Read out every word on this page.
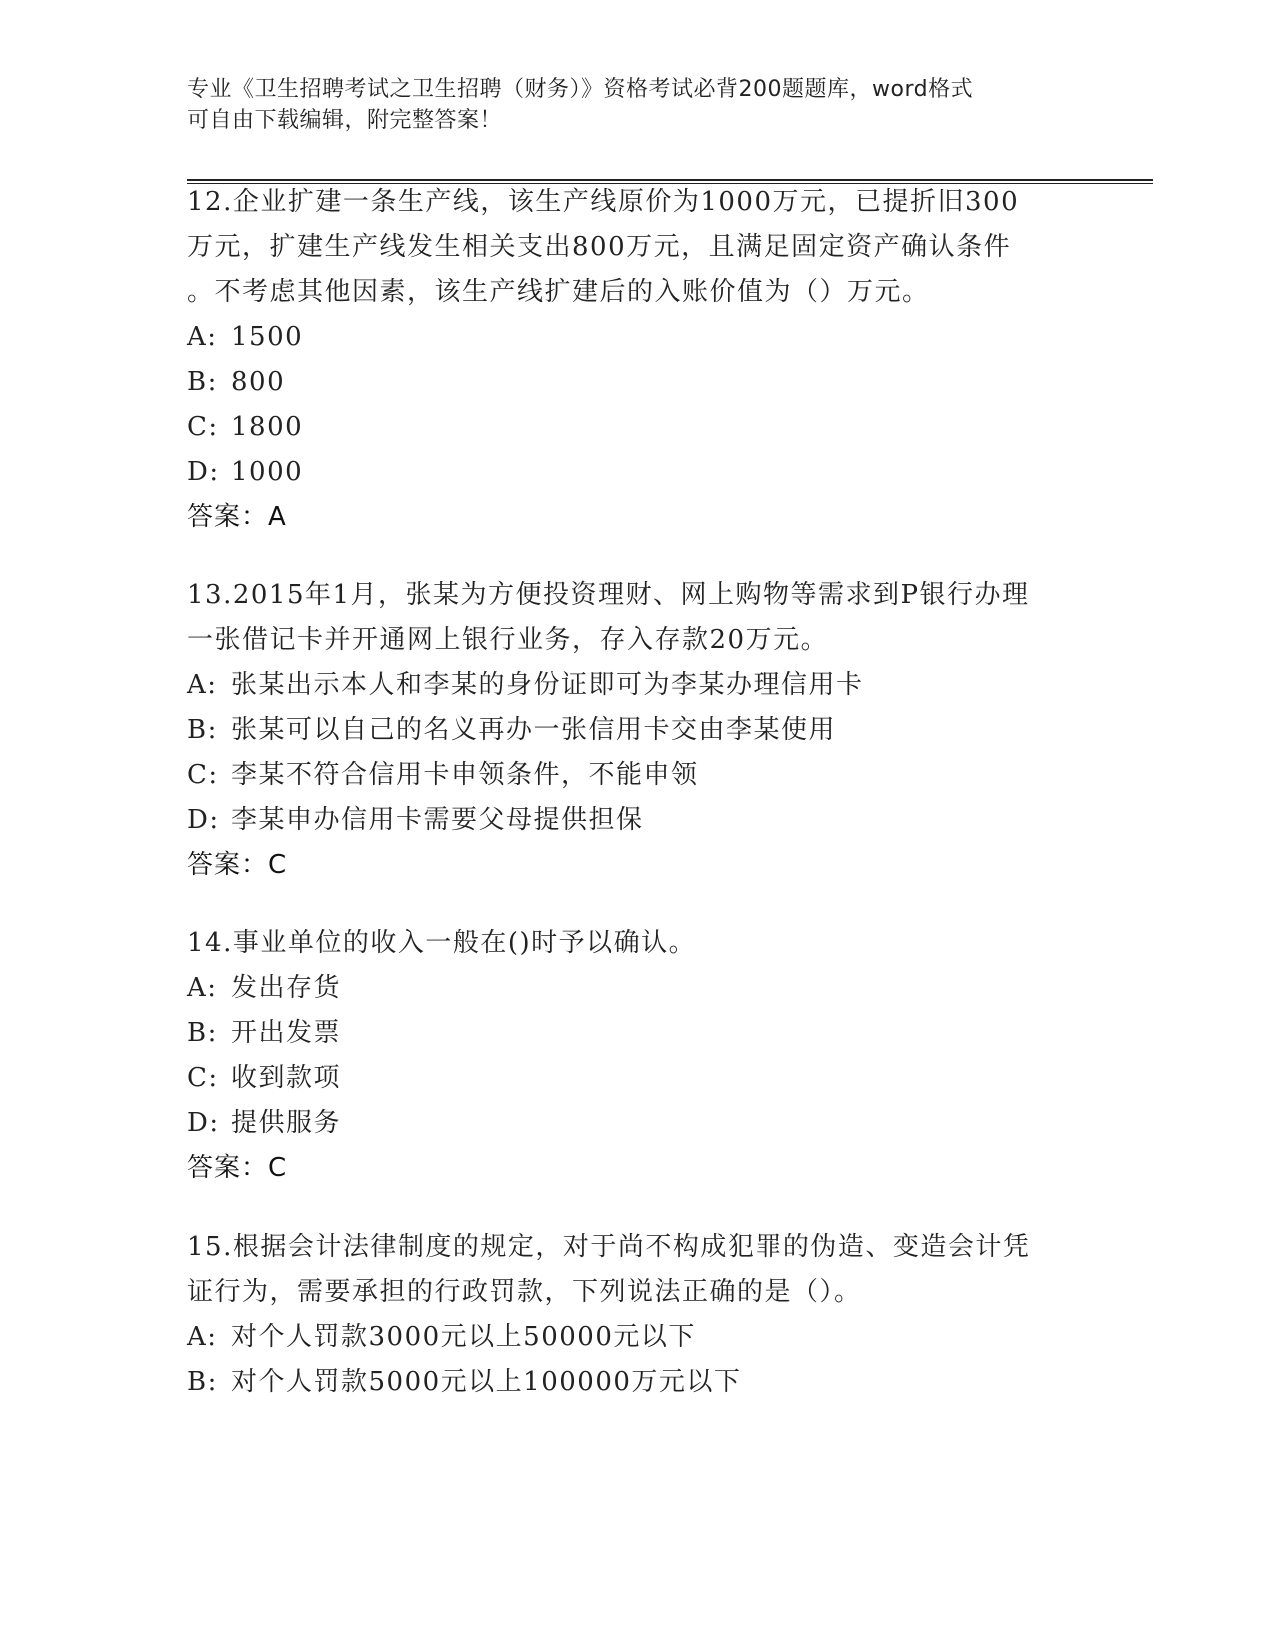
专业《卫生招聘考试之卫生招聘（财务）》资格考试必背200题题库，word格式
可自由下载编辑，附完整答案！
12.企业扩建一条生产线，该生产线原价为1000万元，已提折旧300
万元，扩建生产线发生相关支出800万元，且满足固定资产确认条件
。不考虑其他因素，该生产线扩建后的入账价值为（）万元。
A: 1500
B: 800
C: 1800
D: 1000
答案：A
13.2015年1月，张某为方便投资理财、网上购物等需求到P银行办理
一张借记卡并开通网上银行业务，存入存款20万元。
A: 张某出示本人和李某的身份证即可为李某办理信用卡
B: 张某可以自己的名义再办一张信用卡交由李某使用
C: 李某不符合信用卡申领条件，不能申领
D: 李某申办信用卡需要父母提供担保
答案：C
14.事业单位的收入一般在()时予以确认。
A: 发出存货
B: 开出发票
C: 收到款项
D: 提供服务
答案：C
15.根据会计法律制度的规定，对于尚不构成犯罪的伪造、变造会计凭
证行为，需要承担的行政罚款，下列说法正确的是（）。
A: 对个人罚款3000元以上50000元以下
B: 对个人罚款5000元以上100000万元以下
